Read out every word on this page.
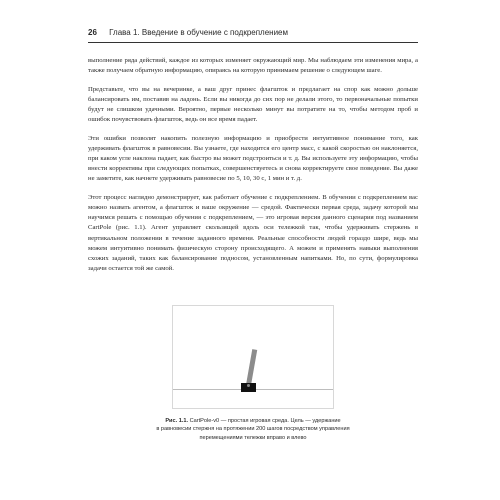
26 Глава 1. Введение в обучение с подкреплением

выполнение ряда действий, каждое из которых изменяет окружающий мир. Мы наблюдаем эти изменения мира, а также получаем обратную информацию, опираясь на которую принимаем решение о следующем шаге.

Представьте, что вы на вечеринке, а ваш друг принес флагшток и предлагает на спор как можно дольше балансировать им, поставив на ладонь. Если вы никогда до сих пор не делали этого, то первоначальные попытки будут не слишком удачными. Вероятно, первые несколько минут вы потратите на то, чтобы методом проб и ошибок почувствовать флагшток, ведь он все время падает.

Эти ошибки позволят накопить полезную информацию и приобрести интуитивное понимание того, как удерживать флагшток в равновесии. Вы узнаете, где находится его центр масс, с какой скоростью он наклоняется, при каком угле наклона падает, как быстро вы может подстроиться и т. д. Вы используете эту информацию, чтобы внести коррективы при следующих попытках, совершенствуетесь и снова корректируете свое поведение. Вы даже не заметите, как начнете удерживать равновесие по 5, 10, 30 с, 1 мин и т. д.

Этот процесс наглядно демонстрирует, как работает обучение с подкреплением. В обучении с подкреплением вас можно назвать агентом, а флагшток и ваше окружение — средой. Фактически первая среда, задачу которой мы научимся решать с помощью обучения с подкреплением, — это игровая версия данного сценария под названием CartPole (рис. 1.1). Агент управляет скользящей вдоль оси тележкой так, чтобы удерживать стержень в вертикальном положении в течение заданного времени. Реальные способности людей гораздо шире, ведь мы можем интуитивно понимать физическую сторону происходящего. А можем и применять навыки выполнения схожих заданий, таких как балансирование подносом, установленным напитками. Но, по сути, формулировка задачи остается той же самой.

Рис. 1.1. CartPole-v0 — простая игровая среда. Цель — удержание
в равновесии стержня на протяжении 200 шагов посредством управления
перемещениями тележки вправо и влево
